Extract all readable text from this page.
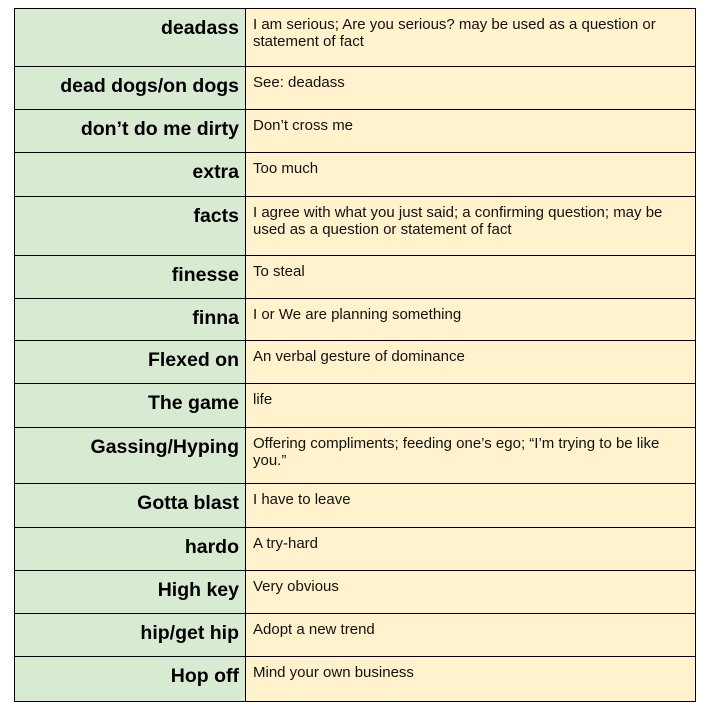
deadass	I am serious; Are you serious? may be used as a question or statement of fact
dead dogs/on dogs	See: deadass
don’t do me dirty	Don’t cross me
extra	Too much
facts	I agree with what you just said; a confirming question; may be used as a question or statement of fact
finesse	To steal
finna	I or We are planning something
Flexed on	An verbal gesture of dominance
The game	life
Gassing/Hyping	Offering compliments; feeding one’s ego; “I’m trying to be like you.”
Gotta blast	I have to leave
hardo	A try-hard
High key	Very obvious
hip/get hip	Adopt a new trend
Hop off	Mind your own business
